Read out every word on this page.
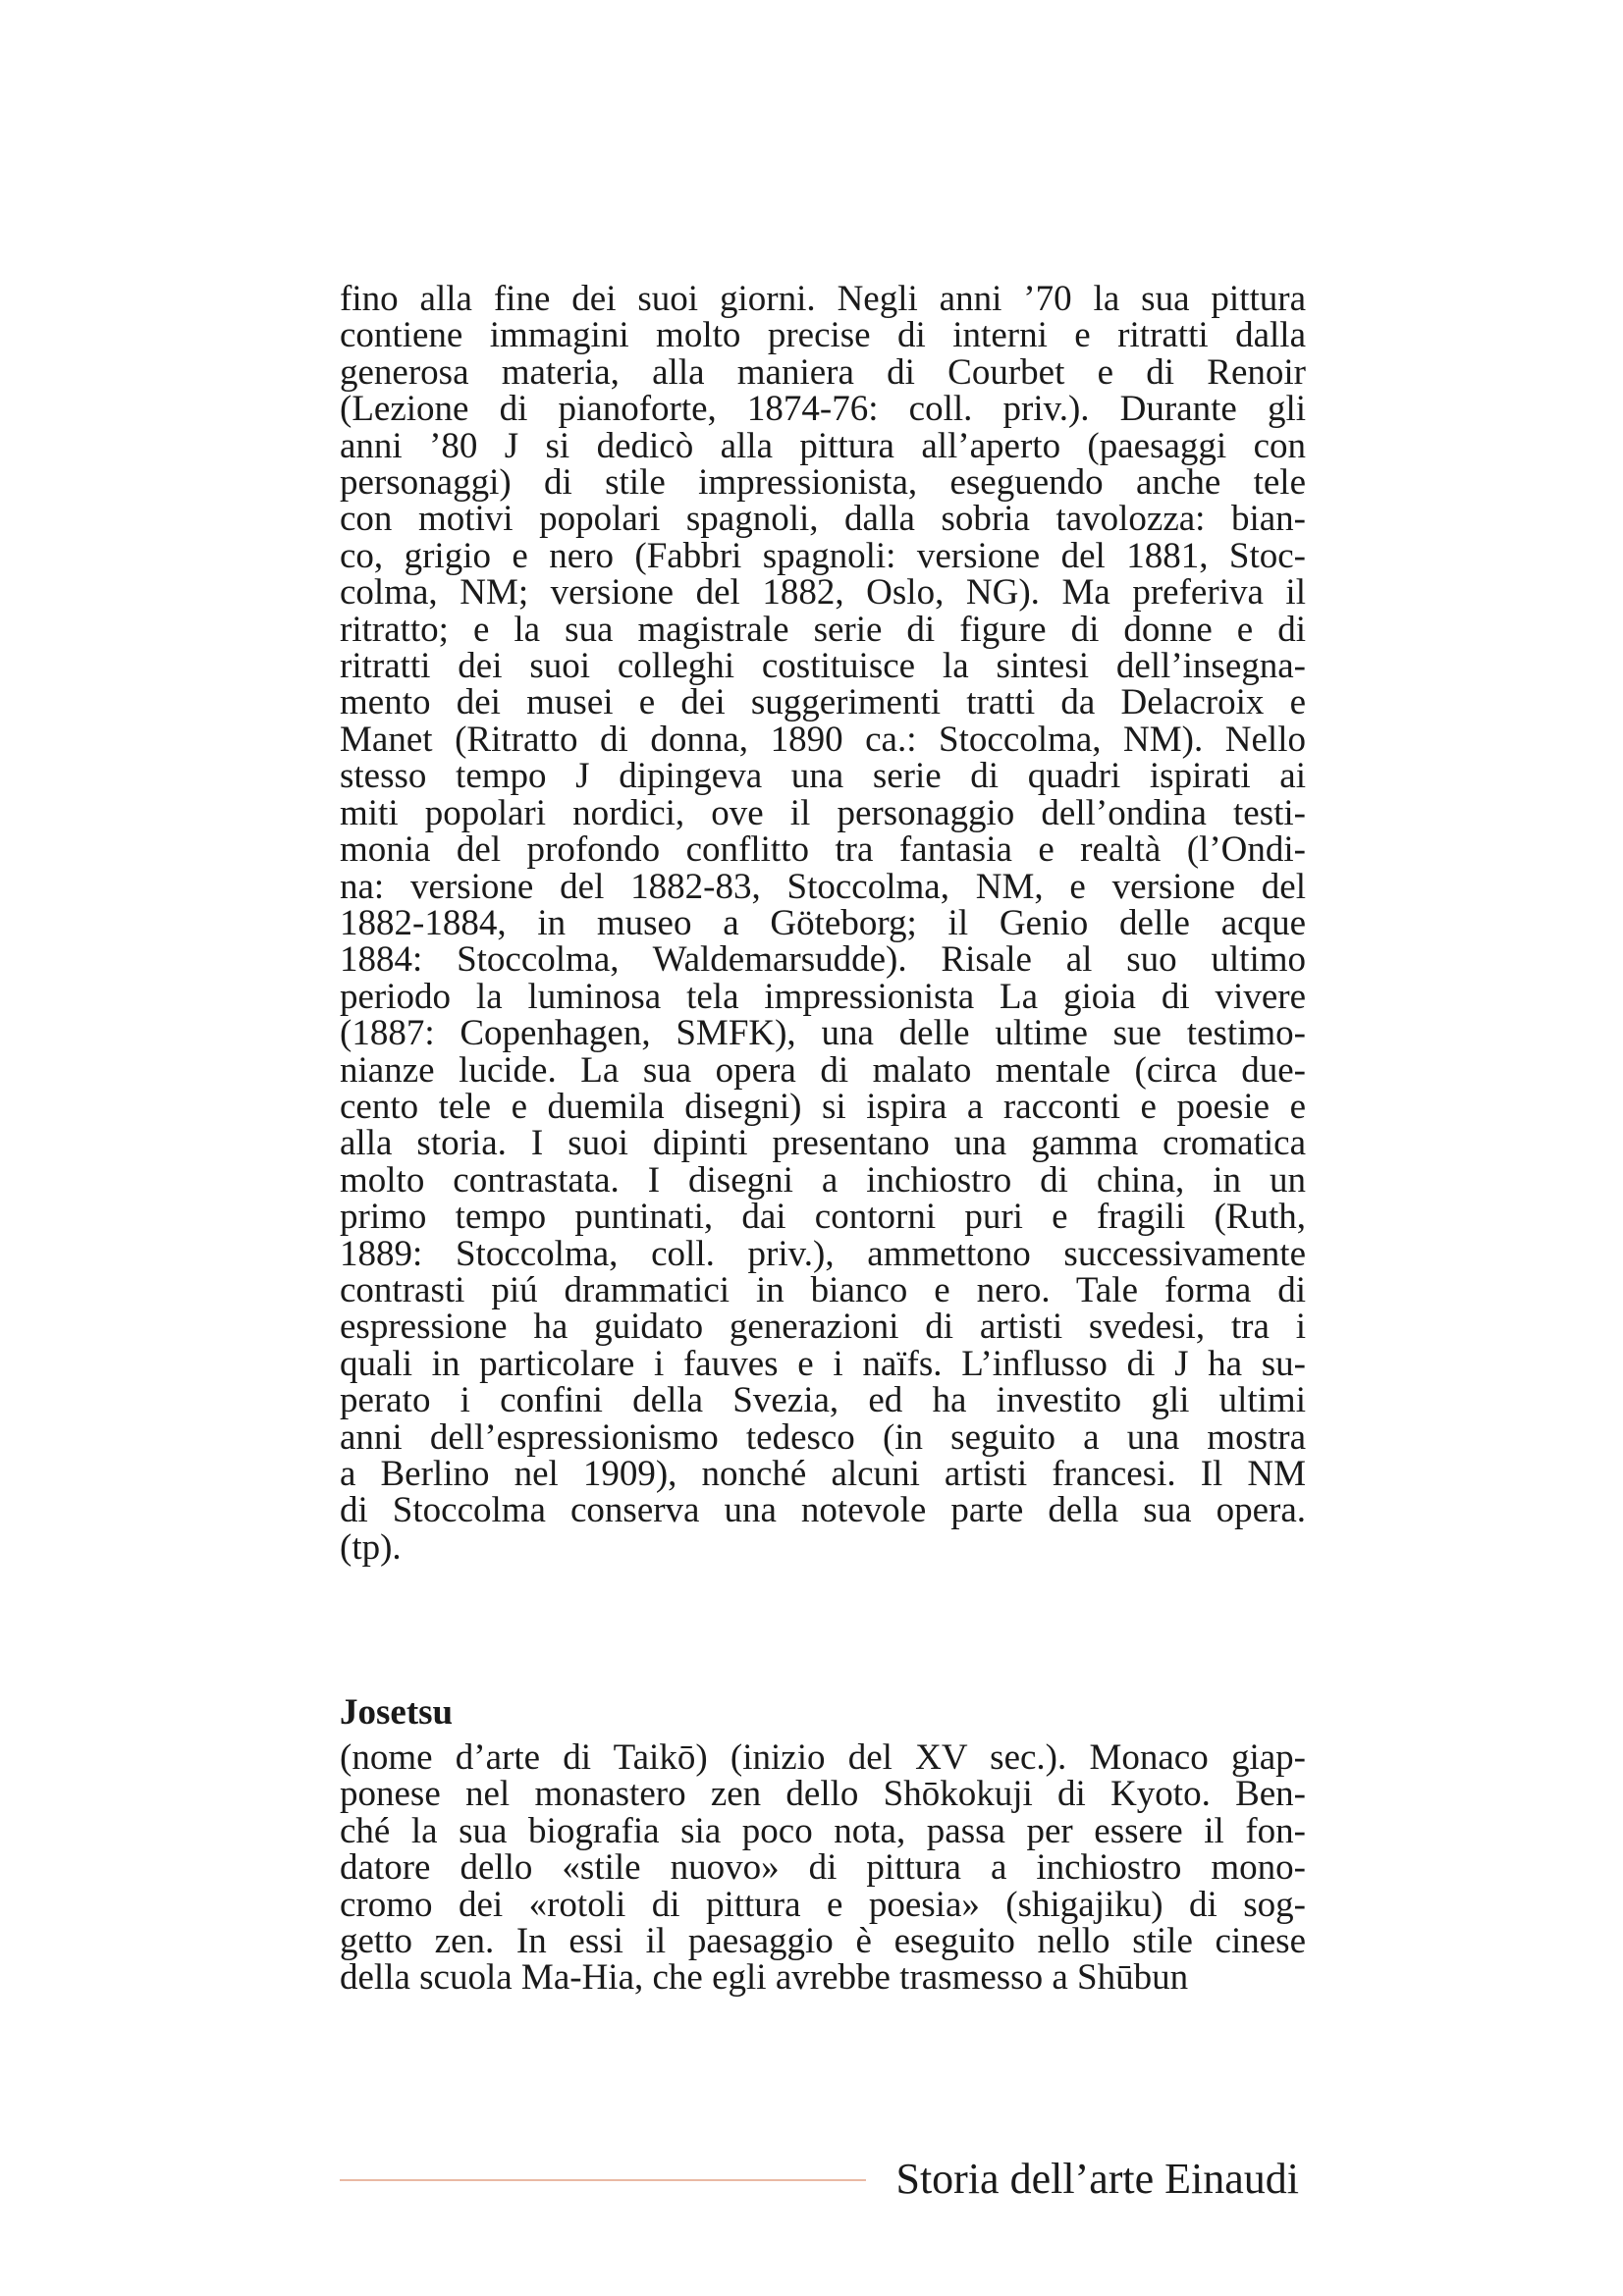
fino alla fine dei suoi giorni. Negli anni ’70 la sua pittura
contiene immagini molto precise di interni e ritratti dalla
generosa materia, alla maniera di Courbet e di Renoir
(Lezione di pianoforte, 1874-76: coll. priv.). Durante gli
anni ’80 J si dedicò alla pittura all’aperto (paesaggi con
personaggi) di stile impressionista, eseguendo anche tele
con motivi popolari spagnoli, dalla sobria tavolozza: bian-
co, grigio e nero (Fabbri spagnoli: versione del 1881, Stoc-
colma, NM; versione del 1882, Oslo, NG). Ma preferiva il
ritratto; e la sua magistrale serie di figure di donne e di
ritratti dei suoi colleghi costituisce la sintesi dell’insegna-
mento dei musei e dei suggerimenti tratti da Delacroix e
Manet (Ritratto di donna, 1890 ca.: Stoccolma, NM). Nello
stesso tempo J dipingeva una serie di quadri ispirati ai
miti popolari nordici, ove il personaggio dell’ondina testi-
monia del profondo conflitto tra fantasia e realtà (l’Ondi-
na: versione del 1882-83, Stoccolma, NM, e versione del
1882-1884, in museo a Göteborg; il Genio delle acque
1884: Stoccolma, Waldemarsudde). Risale al suo ultimo
periodo la luminosa tela impressionista La gioia di vivere
(1887: Copenhagen, SMFK), una delle ultime sue testimo-
nianze lucide. La sua opera di malato mentale (circa due-
cento tele e duemila disegni) si ispira a racconti e poesie e
alla storia. I suoi dipinti presentano una gamma cromatica
molto contrastata. I disegni a inchiostro di china, in un
primo tempo puntinati, dai contorni puri e fragili (Ruth,
1889: Stoccolma, coll. priv.), ammettono successivamente
contrasti piú drammatici in bianco e nero. Tale forma di
espressione ha guidato generazioni di artisti svedesi, tra i
quali in particolare i fauves e i naïfs. L’influsso di J ha su-
perato i confini della Svezia, ed ha investito gli ultimi
anni dell’espressionismo tedesco (in seguito a una mostra
a Berlino nel 1909), nonché alcuni artisti francesi. Il NM
di Stoccolma conserva una notevole parte della sua opera.
(tp).
Josetsu
(nome d’arte di Taikō) (inizio del XV sec.). Monaco giap-
ponese nel monastero zen dello Shōkokuji di Kyoto. Ben-
ché la sua biografia sia poco nota, passa per essere il fon-
datore dello «stile nuovo» di pittura a inchiostro mono-
cromo dei «rotoli di pittura e poesia» (shigajiku) di sog-
getto zen. In essi il paesaggio è eseguito nello stile cinese
della scuola Ma-Hia, che egli avrebbe trasmesso a Shūbun
Storia dell’arte Einaudi
